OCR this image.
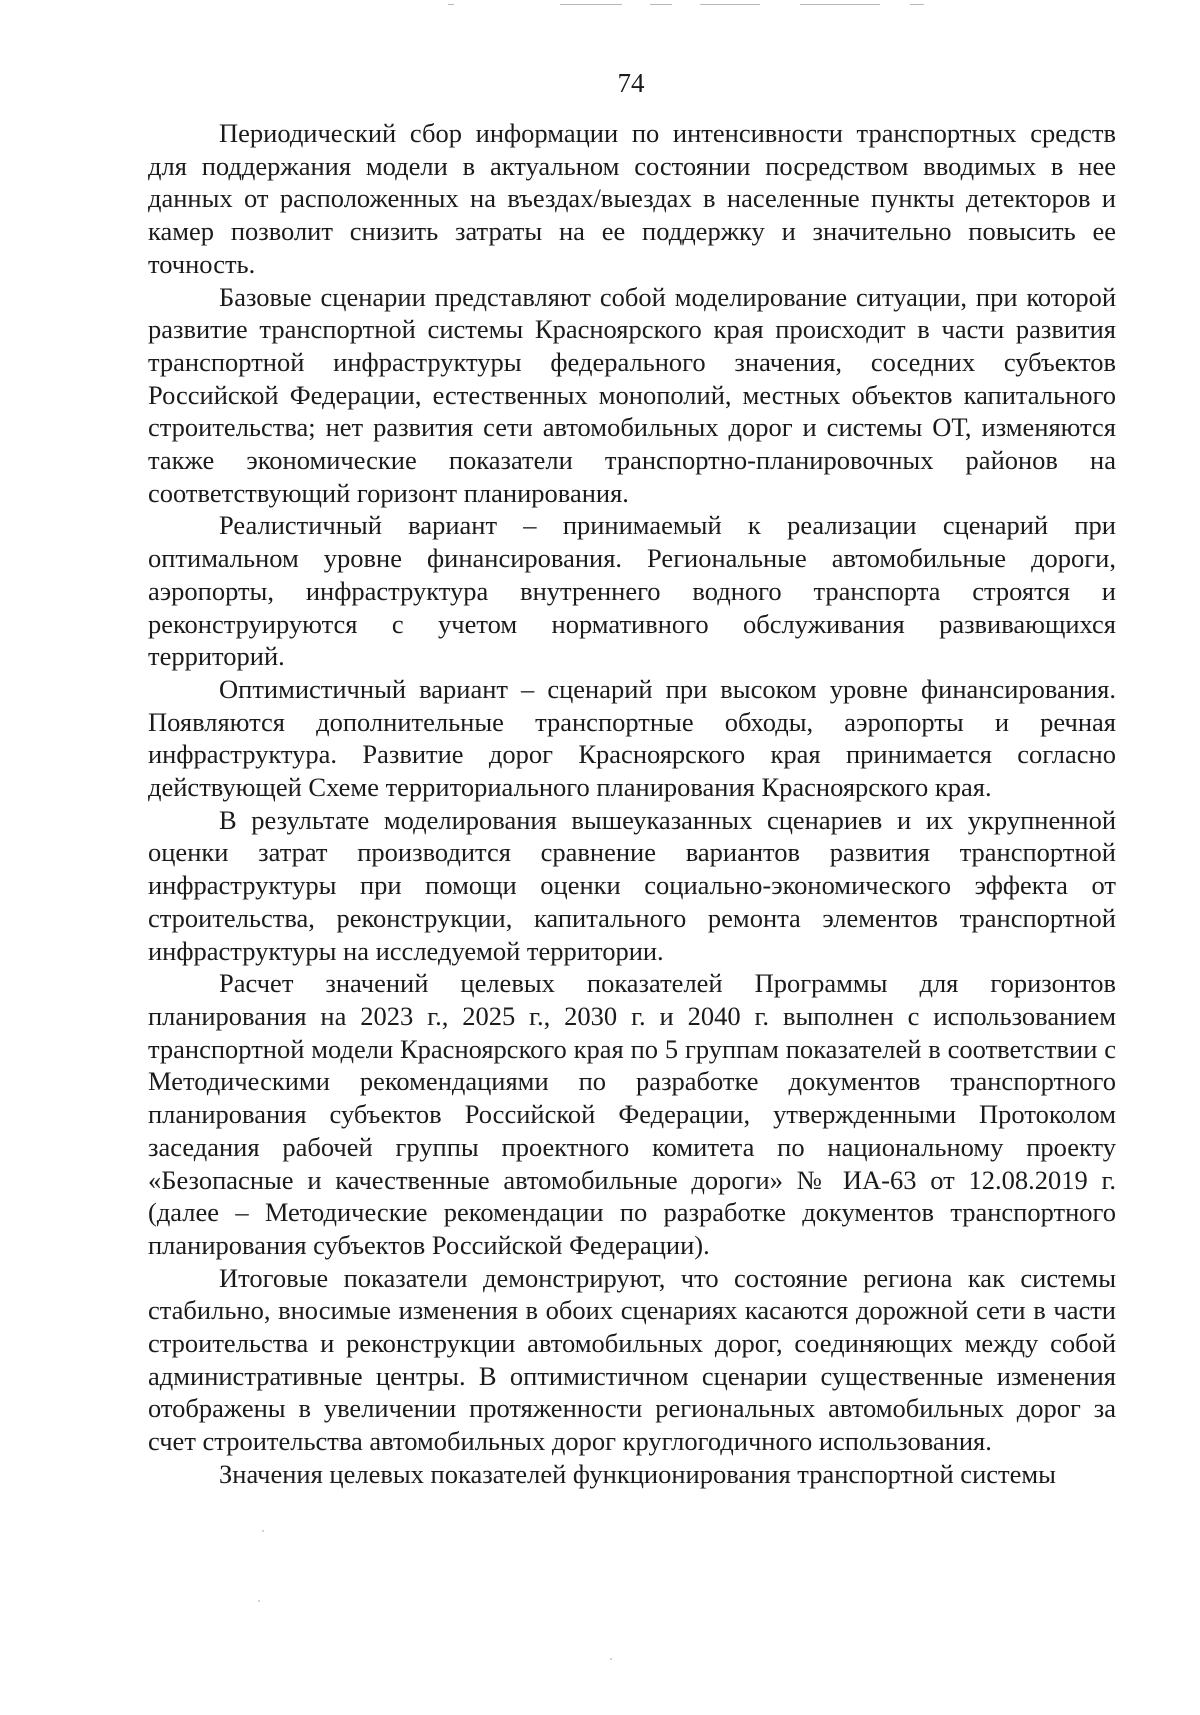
74

Периодический сбор информации по интенсивности транспортных средств для поддержания модели в актуальном состоянии посредством вводимых в нее данных от расположенных на въездах/выездах в населенные пункты детекторов и камер позволит снизить затраты на ее поддержку и значительно повысить ее точность.

Базовые сценарии представляют собой моделирование ситуации, при которой развитие транспортной системы Красноярского края происходит в части развития транспортной инфраструктуры федерального значения, соседних субъектов Российской Федерации, естественных монополий, местных объектов капитального строительства; нет развития сети автомобильных дорог и системы ОТ, изменяются также экономические показатели транспортно-планировочных районов на соответствующий горизонт планирования.

Реалистичный вариант – принимаемый к реализации сценарий при оптимальном уровне финансирования. Региональные автомобильные дороги, аэропорты, инфраструктура внутреннего водного транспорта строятся и реконструируются с учетом нормативного обслуживания развивающихся территорий.

Оптимистичный вариант – сценарий при высоком уровне финансирования. Появляются дополнительные транспортные обходы, аэропорты и речная инфраструктура. Развитие дорог Красноярского края принимается согласно действующей Схеме территориального планирования Красноярского края.

В результате моделирования вышеуказанных сценариев и их укрупненной оценки затрат производится сравнение вариантов развития транспортной инфраструктуры при помощи оценки социально-экономического эффекта от строительства, реконструкции, капитального ремонта элементов транспортной инфраструктуры на исследуемой территории.

Расчет значений целевых показателей Программы для горизонтов планирования на 2023 г., 2025 г., 2030 г. и 2040 г. выполнен с использованием транспортной модели Красноярского края по 5 группам показателей в соответствии с Методическими рекомендациями по разработке документов транспортного планирования субъектов Российской Федерации, утвержденными Протоколом заседания рабочей группы проектного комитета по национальному проекту «Безопасные и качественные автомобильные дороги» № ИА-63 от 12.08.2019 г. (далее – Методические рекомендации по разработке документов транспортного планирования субъектов Российской Федерации).

Итоговые показатели демонстрируют, что состояние региона как системы стабильно, вносимые изменения в обоих сценариях касаются дорожной сети в части строительства и реконструкции автомобильных дорог, соединяющих между собой административные центры. В оптимистичном сценарии существенные изменения отображены в увеличении протяженности региональных автомобильных дорог за счет строительства автомобильных дорог круглогодичного использования.

Значения целевых показателей функционирования транспортной системы
